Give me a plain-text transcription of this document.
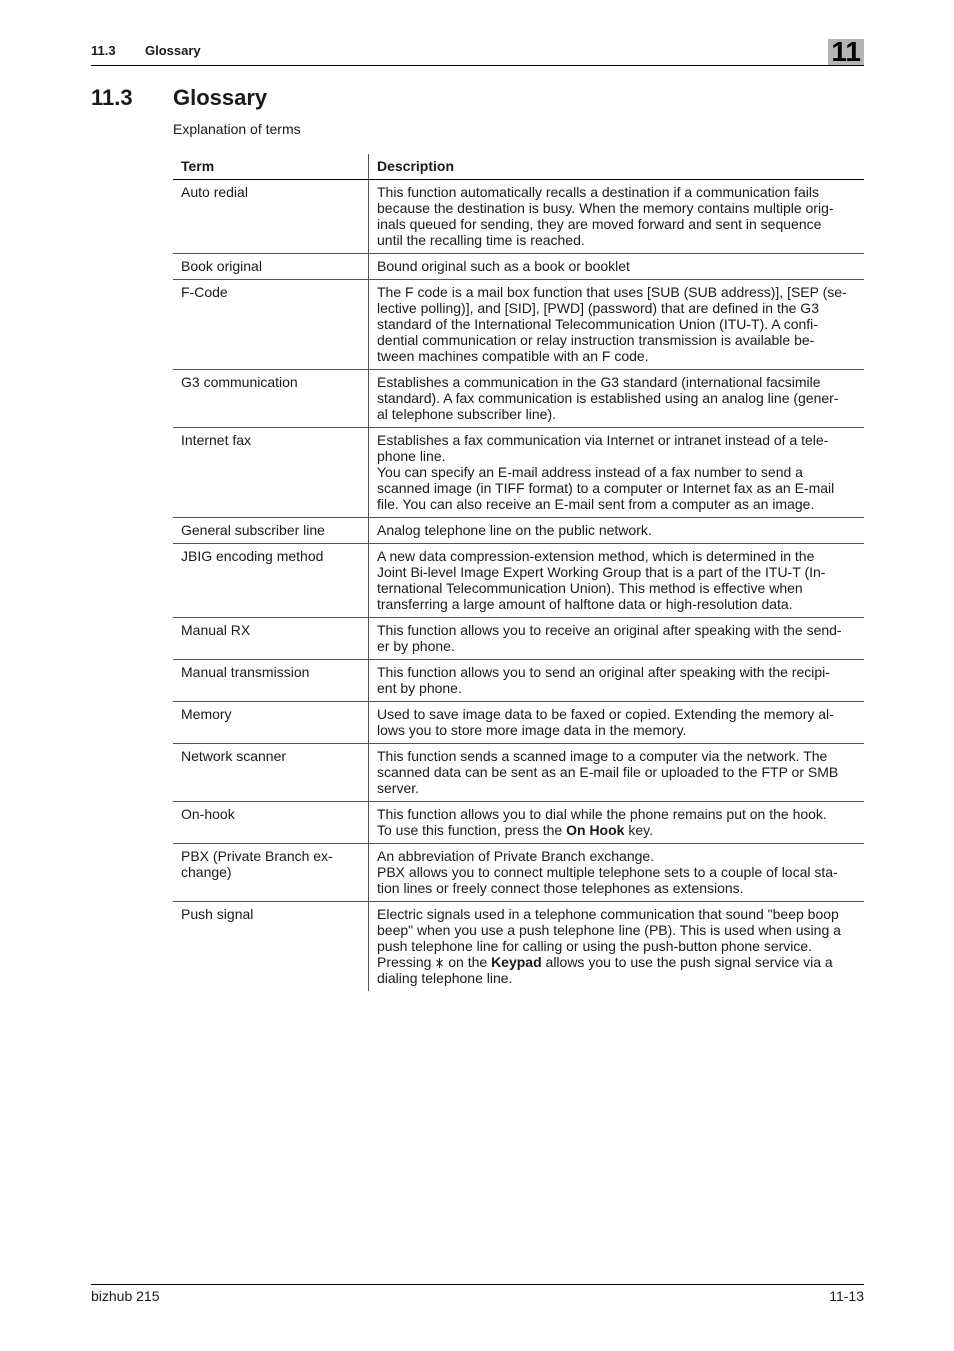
11.3 Glossary	11
11.3 Glossary
Explanation of terms
Term	Description
Auto redial	This function automatically recalls a destination if a communication fails
because the destination is busy. When the memory contains multiple orig-
inals queued for sending, they are moved forward and sent in sequence
until the recalling time is reached.
Book original	Bound original such as a book or booklet
F-Code	The F code is a mail box function that uses [SUB (SUB address)], [SEP (se-
lective polling)], and [SID], [PWD] (password) that are defined in the G3
standard of the International Telecommunication Union (ITU-T). A confi-
dential communication or relay instruction transmission is available be-
tween machines compatible with an F code.
G3 communication	Establishes a communication in the G3 standard (international facsimile
standard). A fax communication is established using an analog line (gener-
al telephone subscriber line).
Internet fax	Establishes a fax communication via Internet or intranet instead of a tele-
phone line.
You can specify an E-mail address instead of a fax number to send a
scanned image (in TIFF format) to a computer or Internet fax as an E-mail
file. You can also receive an E-mail sent from a computer as an image.
General subscriber line	Analog telephone line on the public network.
JBIG encoding method	A new data compression-extension method, which is determined in the
Joint Bi-level Image Expert Working Group that is a part of the ITU-T (In-
ternational Telecommunication Union). This method is effective when
transferring a large amount of halftone data or high-resolution data.
Manual RX	This function allows you to receive an original after speaking with the send-
er by phone.
Manual transmission	This function allows you to send an original after speaking with the recipi-
ent by phone.
Memory	Used to save image data to be faxed or copied. Extending the memory al-
lows you to store more image data in the memory.
Network scanner	This function sends a scanned image to a computer via the network. The
scanned data can be sent as an E-mail file or uploaded to the FTP or SMB
server.
On-hook	This function allows you to dial while the phone remains put on the hook.
To use this function, press the On Hook key.
PBX (Private Branch ex-
change)	An abbreviation of Private Branch exchange.
PBX allows you to connect multiple telephone sets to a couple of local sta-
tion lines or freely connect those telephones as extensions.
Push signal	Electric signals used in a telephone communication that sound "beep boop
beep" when you use a push telephone line (PB). This is used when using a
push telephone line for calling or using the push-button phone service.
Pressing  on the Keypad allows you to use the push signal service via a
dialing telephone line.
bizhub 215	11-13
